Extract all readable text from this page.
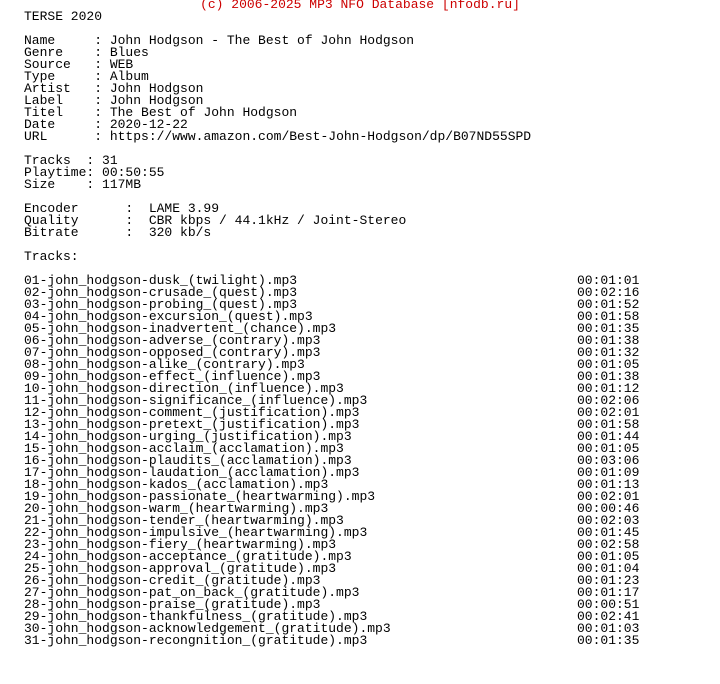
(c) 2006-2025 MP3 NFO Database [nfodb.ru]
TERSE 2020
Name     : John Hodgson - The Best of John Hodgson
Genre    : Blues
Source   : WEB
Type     : Album
Artist   : John Hodgson
Label    : John Hodgson
Titel    : The Best of John Hodgson
Date     : 2020-12-22
URL      : https://www.amazon.com/Best-John-Hodgson/dp/B07ND55SPD
Tracks  : 31
Playtime: 00:50:55
Size    : 117MB
Encoder      :  LAME 3.99
Quality      :  CBR kbps / 44.1kHz / Joint-Stereo
Bitrate      :  320 kb/s
Tracks:
01-john_hodgson-dusk_(twilight).mp3	00:01:01
02-john_hodgson-crusade_(quest).mp3	00:02:16
03-john_hodgson-probing_(quest).mp3	00:01:52
04-john_hodgson-excursion_(quest).mp3	00:01:58
05-john_hodgson-inadvertent_(chance).mp3	00:01:35
06-john_hodgson-adverse_(contrary).mp3	00:01:38
07-john_hodgson-opposed_(contrary).mp3	00:01:32
08-john_hodgson-alike_(contrary).mp3	00:01:05
09-john_hodgson-effect_(influence).mp3	00:01:38
10-john_hodgson-direction_(influence).mp3	00:01:12
11-john_hodgson-significance_(influence).mp3	00:02:06
12-john_hodgson-comment_(justification).mp3	00:02:01
13-john_hodgson-pretext_(justification).mp3	00:01:58
14-john_hodgson-urging_(justification).mp3	00:01:44
15-john_hodgson-acclaim_(acclamation).mp3	00:01:05
16-john_hodgson-plaudits_(acclamation).mp3	00:03:06
17-john_hodgson-laudation_(acclamation).mp3	00:01:09
18-john_hodgson-kados_(acclamation).mp3	00:01:13
19-john_hodgson-passionate_(heartwarming).mp3	00:02:01
20-john_hodgson-warm_(heartwarming).mp3	00:00:46
21-john_hodgson-tender_(heartwarming).mp3	00:02:03
22-john_hodgson-impulsive_(heartwarming).mp3	00:01:45
23-john_hodgson-fiery_(heartwarming).mp3	00:02:58
24-john_hodgson-acceptance_(gratitude).mp3	00:01:05
25-john_hodgson-approval_(gratitude).mp3	00:01:04
26-john_hodgson-credit_(gratitude).mp3	00:01:23
27-john_hodgson-pat_on_back_(gratitude).mp3	00:01:17
28-john_hodgson-praise_(gratitude).mp3	00:00:51
29-john_hodgson-thankfulness_(gratitude).mp3	00:02:41
30-john_hodgson-acknowledgement_(gratitude).mp3	00:01:03
31-john_hodgson-recongnition_(gratitude).mp3	00:01:35
